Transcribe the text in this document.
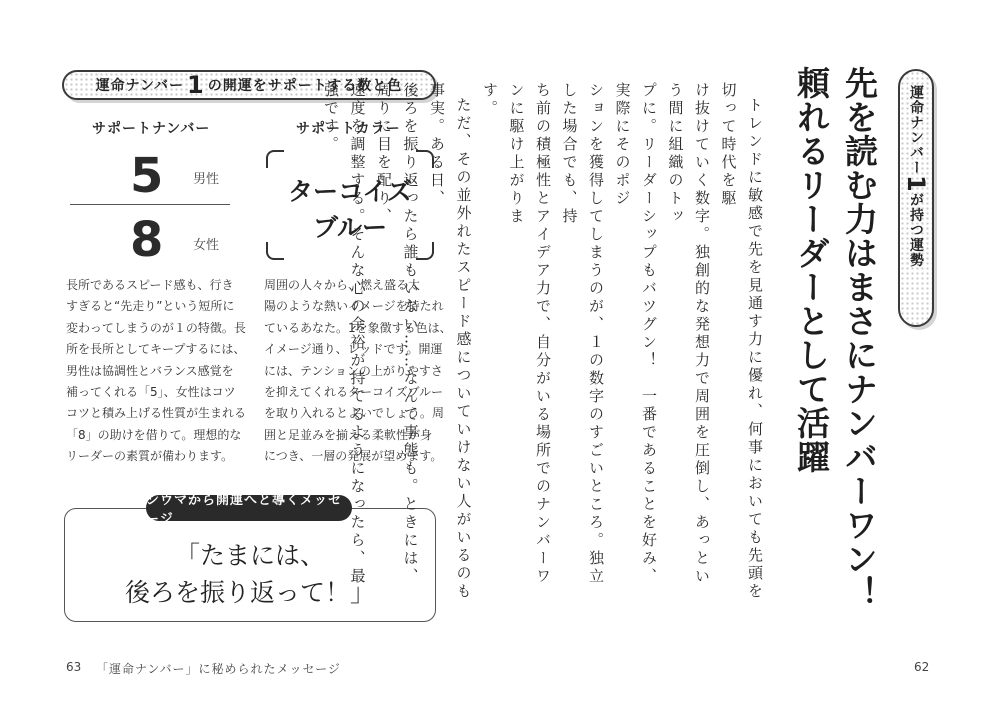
運命ナンバー 1 の開運をサポートする数と色
サポートナンバー	サポートカラー
5 男性
8 女性
ターコイズ
ブルー

長所であるスピード感も、行き

すぎると“先走り”という短所に

変わってしまうのが１の特徴。長

所を長所としてキープするには、

男性は協調性とバランス感覚を

補ってくれる「5」、女性はコツ

コツと積み上げる性質が生まれる

「8」の助けを借りて。理想的な

リーダーの素質が備わります。

周囲の人々から、燃え盛る太

陽のような熱いイメージを持たれ

ているあなた。1を象徴する色は、

イメージ通り、レッドです。開運

には、テンションの上がりやすさ

を抑えてくれるターコイズブルー

を取り入れるとよいでしょう。周

囲と足並みを揃える柔軟性が身

につき、一層の発展が望めます。

シウマから開運へと導くメッセージ

「たまには、

後ろを振り返って！」

63 「運命ナンバー」に秘められたメッセージ
運命ナンバー1が持つ運勢
先を読む力はまさにナンバーワン！
頼れるリーダーとして活躍

トレンドに敏感で先を見通す力に優れ、何事においても先頭を切って時代を駆

け抜けていく数字。独創的な発想力で周囲を圧倒し、あっという間に組織のトッ

プに。リーダーシップもバツグン！　一番であることを好み、実際にそのポジ

ションを獲得してしまうのが、１の数字のすごいところ。独立した場合でも、持

ち前の積極性とアイデア力で、自分がいる場所でのナンバーワンに駆け上がりま

す。

ただ、その並外れたスピード感についていけない人がいるのも事実。ある日、

後ろを振り返ったら誰もいない……なんて事態も。ときには、周りに目を配り、

速度を調整する。そんな心の余裕が持てるようになったら、最強です。

62
